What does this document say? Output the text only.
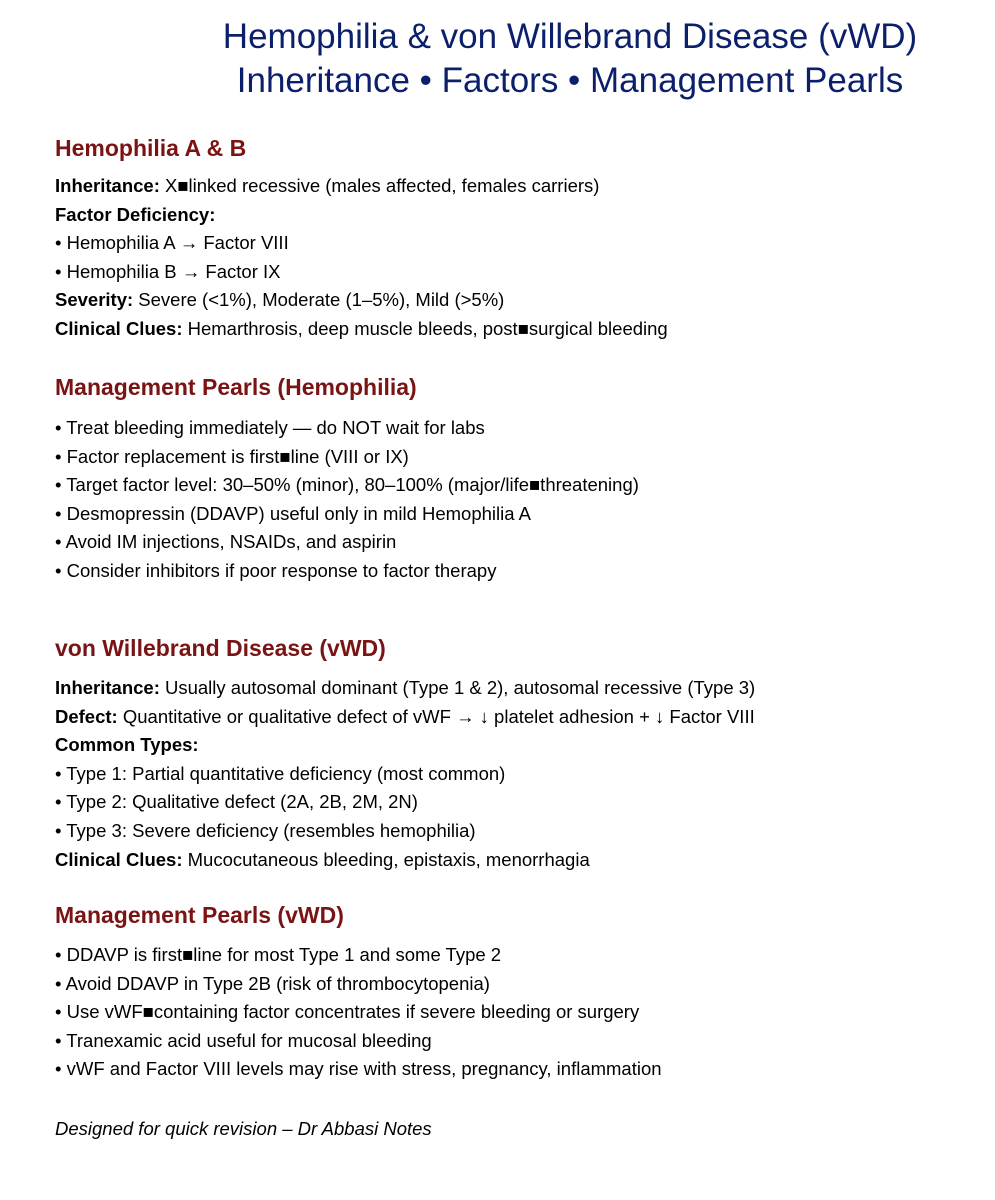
Hemophilia & von Willebrand Disease (vWD)
Inheritance • Factors • Management Pearls
Hemophilia A & B
Inheritance: X■linked recessive (males affected, females carriers)
Factor Deficiency:
• Hemophilia A → Factor VIII
• Hemophilia B → Factor IX
Severity: Severe (<1%), Moderate (1–5%), Mild (>5%)
Clinical Clues: Hemarthrosis, deep muscle bleeds, post■surgical bleeding
Management Pearls (Hemophilia)
• Treat bleeding immediately — do NOT wait for labs
• Factor replacement is first■line (VIII or IX)
• Target factor level: 30–50% (minor), 80–100% (major/life■threatening)
• Desmopressin (DDAVP) useful only in mild Hemophilia A
• Avoid IM injections, NSAIDs, and aspirin
• Consider inhibitors if poor response to factor therapy
von Willebrand Disease (vWD)
Inheritance: Usually autosomal dominant (Type 1 & 2), autosomal recessive (Type 3)
Defect: Quantitative or qualitative defect of vWF → ↓ platelet adhesion + ↓ Factor VIII
Common Types:
• Type 1: Partial quantitative deficiency (most common)
• Type 2: Qualitative defect (2A, 2B, 2M, 2N)
• Type 3: Severe deficiency (resembles hemophilia)
Clinical Clues: Mucocutaneous bleeding, epistaxis, menorrhagia
Management Pearls (vWD)
• DDAVP is first■line for most Type 1 and some Type 2
• Avoid DDAVP in Type 2B (risk of thrombocytopenia)
• Use vWF■containing factor concentrates if severe bleeding or surgery
• Tranexamic acid useful for mucosal bleeding
• vWF and Factor VIII levels may rise with stress, pregnancy, inflammation
Designed for quick revision – Dr Abbasi Notes
